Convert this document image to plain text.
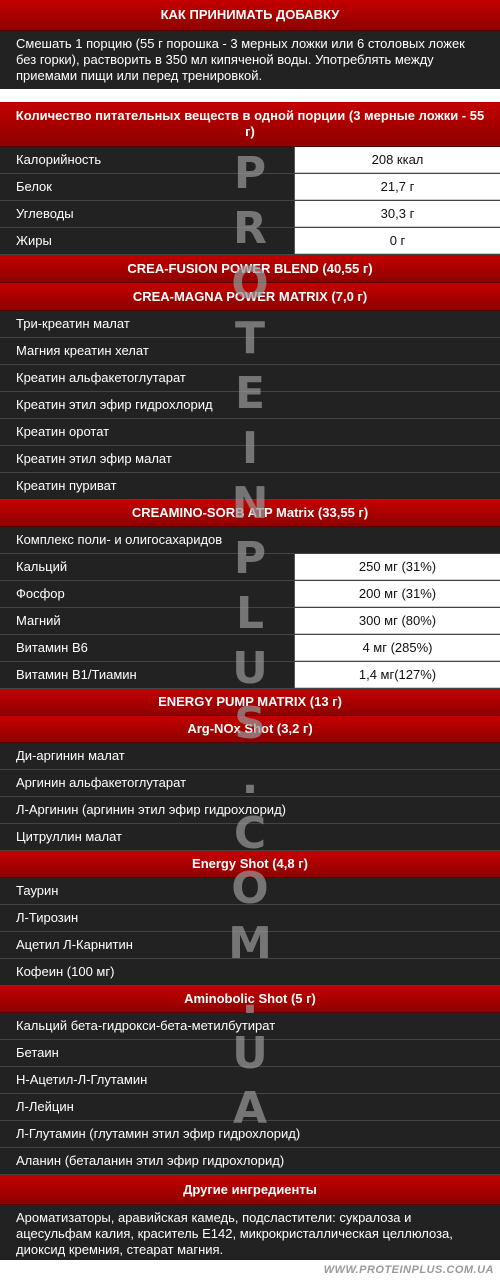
КАК ПРИНИМАТЬ ДОБАВКУ
Смешать 1 порцию (55 г порошка - 3 мерных ложки или 6 столовых ложек без горки), растворить в 350 мл кипяченой воды. Употреблять между приемами пищи или перед тренировкой.
Количество питательных веществ в одной порции (3 мерные ложки - 55 г)
Калорийность	208 ккал
Белок	21,7 г
Углеводы	30,3 г
Жиры	0 г
CREA-FUSION POWER BLEND (40,55 г)
CREA-MAGNA POWER MATRIX (7,0 г)
Три-креатин малат
Магния креатин хелат
Креатин альфакетоглутарат
Креатин этил эфир гидрохлорид
Креатин оротат
Креатин этил эфир малат
Креатин пуриват
CREAMINO-SORB ATP Matrix (33,55 г)
Комплекс поли- и олигосахаридов
Кальций	250 мг (31%)
Фосфор	200 мг (31%)
Магний	300 мг (80%)
Витамин В6	4 мг (285%)
Витамин В1/Тиамин	1,4 мг(127%)
ENERGY PUMP MATRIX (13 г)
Arg-NOx Shot (3,2 г)
Ди-аргинин малат
Аргинин альфакетоглутарат
Л-Аргинин (аргинин этил эфир гидрохлорид)
Цитруллин малат
Energy Shot (4,8 г)
Таурин
Л-Тирозин
Ацетил Л-Карнитин
Кофеин (100 мг)
Aminobolic Shot (5 г)
Кальций бета-гидрокси-бета-метилбутират
Бетаин
Н-Ацетил-Л-Глутамин
Л-Лейцин
Л-Глутамин (глутамин этил эфир гидрохлорид)
Аланин (беталанин этил эфир гидрохлорид)
Другие ингредиенты
Ароматизаторы, аравийская камедь, подсластители: сукралоза и ацесульфам калия, краситель Е142, микрокристаллическая целлюлоза, диоксид кремния, стеарат магния.
P
R
O
T
E
I
N
P
L
U
S
.
C
O
M
.
U
A
WWW.PROTEINPLUS.COM.UA
